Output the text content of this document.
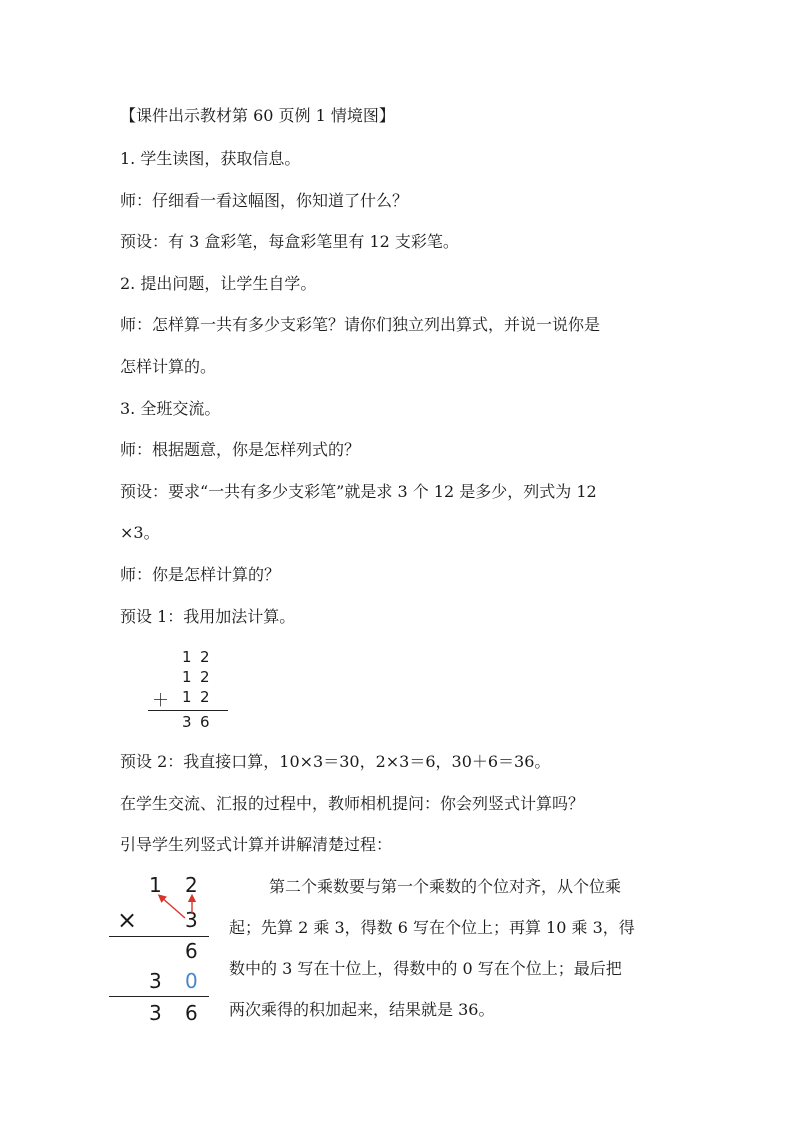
【课件出示教材第 60 页例 1 情境图】
1. 学生读图，获取信息。
师：仔细看一看这幅图，你知道了什么？
预设：有 3 盒彩笔，每盒彩笔里有 12 支彩笔。
2. 提出问题，让学生自学。
师：怎样算一共有多少支彩笔？请你们独立列出算式，并说一说你是
怎样计算的。
3. 全班交流。
师：根据题意，你是怎样列式的？
预设：要求“一共有多少支彩笔”就是求 3 个 12 是多少，列式为 12
×3。
师：你是怎样计算的？
预设 1：我用加法计算。
1 2
1 2
＋ 1 2
3 6
预设 2：我直接口算，10×3＝30，2×3＝6，30＋6＝36。
在学生交流、汇报的过程中，教师相机提问：你会列竖式计算吗？
引导学生列竖式计算并讲解清楚过程：
1 2
× 3
6
3 0
3 6
第二个乘数要与第一个乘数的个位对齐，从个位乘
起；先算 2 乘 3，得数 6 写在个位上；再算 10 乘 3，得
数中的 3 写在十位上，得数中的 0 写在个位上；最后把
两次乘得的积加起来，结果就是 36。
